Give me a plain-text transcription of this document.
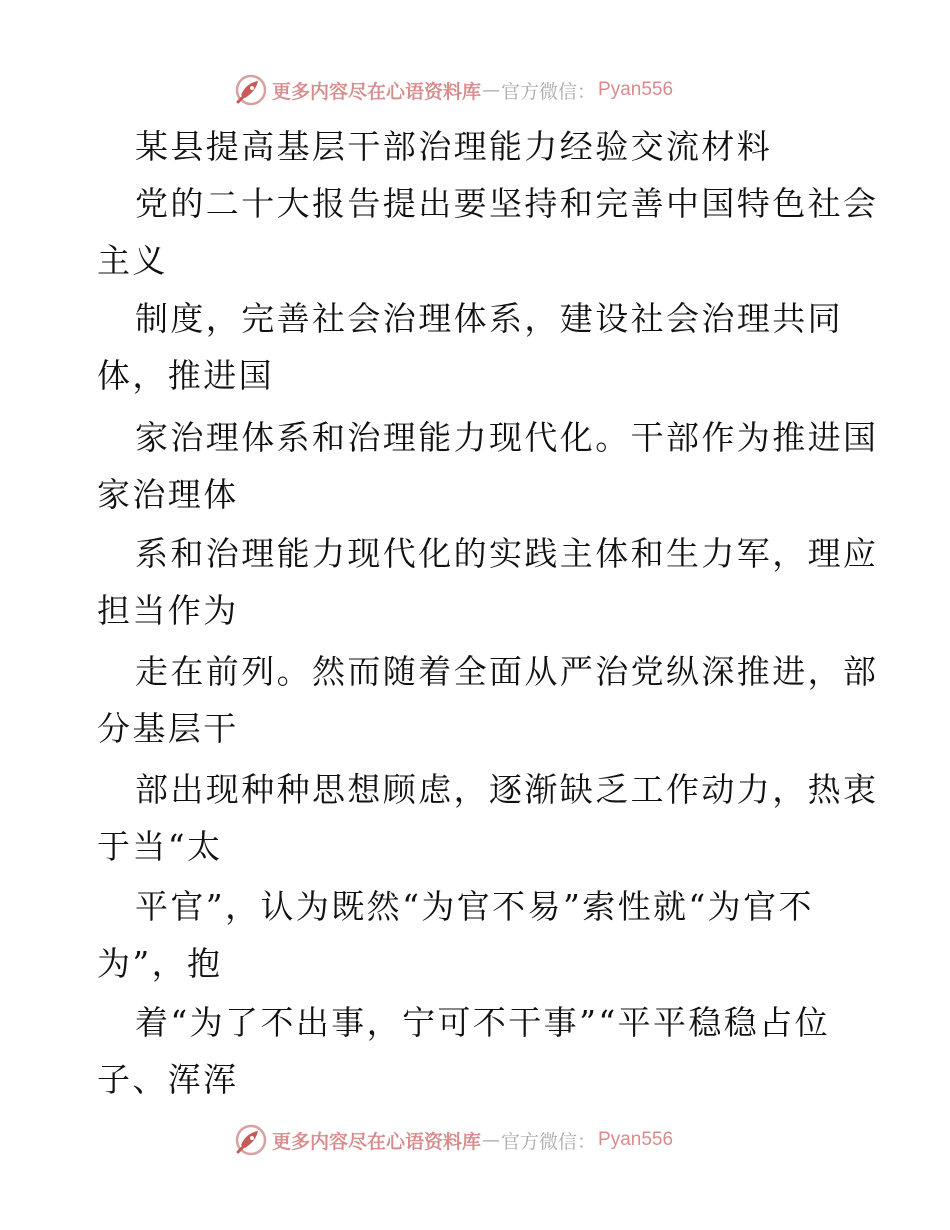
更多内容尽在心语资料库 — 官方微信： Pyan556
某县提高基层干部治理能力经验交流材料
党的二十大报告提出要坚持和完善中国特色社会
主义
制度，完善社会治理体系，建设社会治理共同
体，推进国
家治理体系和治理能力现代化。干部作为推进国
家治理体
系和治理能力现代化的实践主体和生力军，理应
担当作为
走在前列。然而随着全面从严治党纵深推进，部
分基层干
部出现种种思想顾虑，逐渐缺乏工作动力，热衷
于当“太
平官”，认为既然“为官不易”索性就“为官不
为”，抱
着“为了不出事，宁可不干事”“平平稳稳占位
子、浑浑
更多内容尽在心语资料库 — 官方微信： Pyan556
